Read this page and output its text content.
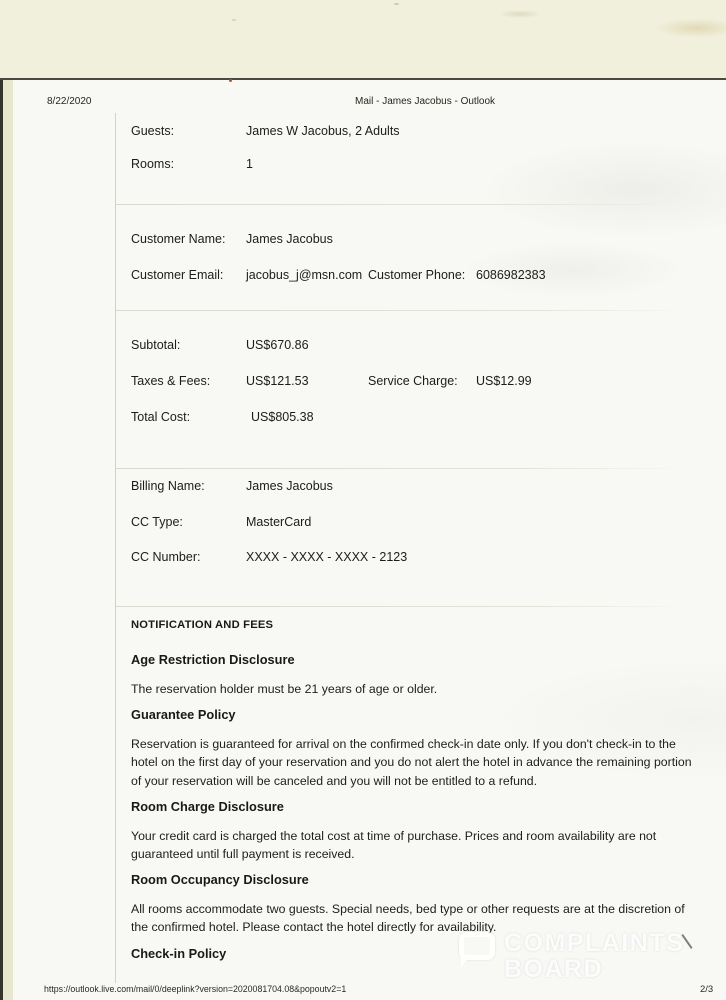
8/22/2020	Mail - James Jacobus - Outlook
Guests:	James W Jacobus, 2 Adults
Rooms:	1
Customer Name: James Jacobus
Customer Email: jacobus_j@msn.com Customer Phone: 6086982383
Subtotal:	US$670.86
Taxes & Fees:	US$121.53	Service Charge: US$12.99
Total Cost:	US$805.38
Billing Name:	James Jacobus
CC Type:	MasterCard
CC Number:	XXXX - XXXX - XXXX - 2123
NOTIFICATION AND FEES
Age Restriction Disclosure
The reservation holder must be 21 years of age or older.
Guarantee Policy
Reservation is guaranteed for arrival on the confirmed check-in date only. If you don't check-in to the hotel on the first day of your reservation and you do not alert the hotel in advance the remaining portion of your reservation will be canceled and you will not be entitled to a refund.
Room Charge Disclosure
Your credit card is charged the total cost at time of purchase. Prices and room availability are not guaranteed until full payment is received.
Room Occupancy Disclosure
All rooms accommodate two guests. Special needs, bed type or other requests are at the discretion of the confirmed hotel. Please contact the hotel directly for availability.
Check-in Policy	COMPLAINTS
BOARD
https://outlook.live.com/mail/0/deeplink?version=2020081704.08&popoutv2=1	2/3
